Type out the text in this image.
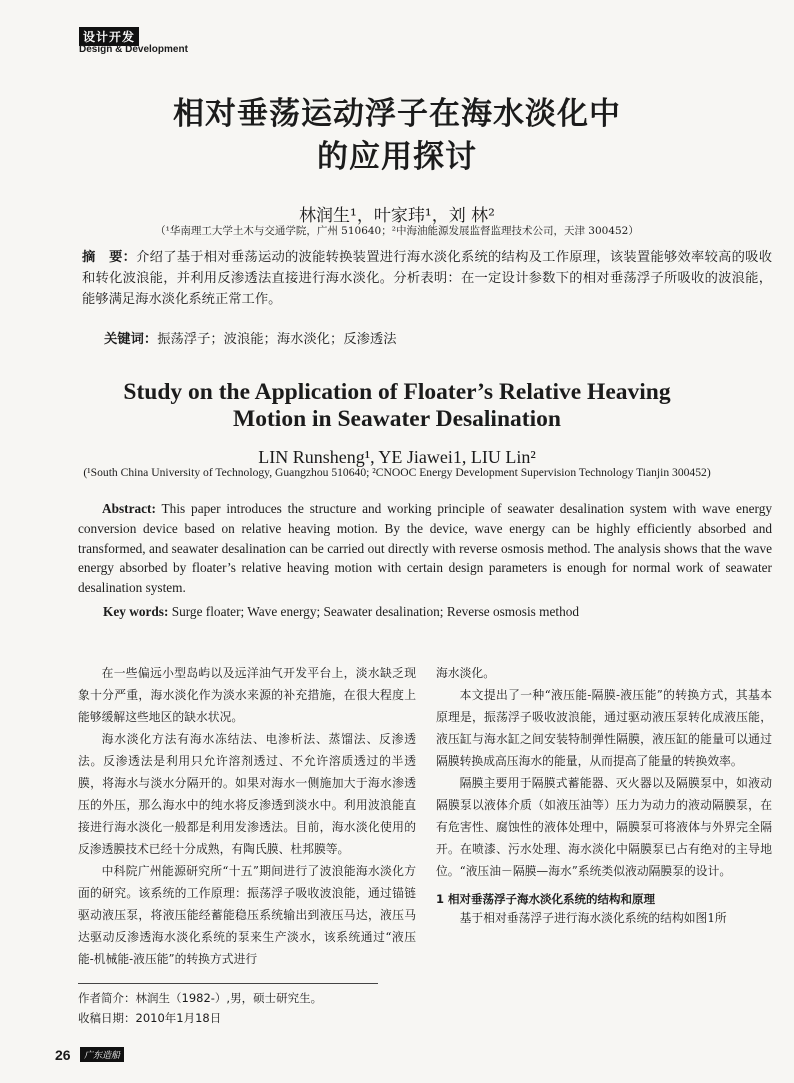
设计开发
Design & Development
相对垂荡运动浮子在海水淡化中
的应用探讨
林润生¹，叶家玮¹，刘 林²
（¹华南理工大学土木与交通学院，广州 510640；²中海油能源发展监督监理技术公司，天津 300452）
摘　要：介绍了基于相对垂荡运动的波能转换装置进行海水淡化系统的结构及工作原理，该装置能够效率较高的吸收和转化波浪能，并利用反渗透法直接进行海水淡化。分析表明：在一定设计参数下的相对垂荡浮子所吸收的波浪能，能够满足海水淡化系统正常工作。
关键词：振荡浮子；波浪能；海水淡化；反渗透法
Study on the Application of Floater’s Relative Heaving
Motion in Seawater Desalination
LIN Runsheng¹, YE Jiawei1, LIU Lin²
(¹South China University of Technology, Guangzhou 510640; ²CNOOC Energy Development Supervision Technology Tianjin 300452)
Abstract: This paper introduces the structure and working principle of seawater desalination system with wave energy conversion device based on relative heaving motion. By the device, wave energy can be highly efficiently absorbed and transformed, and seawater desalination can be carried out directly with reverse osmosis method. The analysis shows that the wave energy absorbed by floater’s relative heaving motion with certain design parameters is enough for normal work of seawater desalination system.
Key words: Surge floater; Wave energy; Seawater desalination; Reverse osmosis method

在一些偏远小型岛屿以及远洋油气开发平台上，淡水缺乏现象十分严重，海水淡化作为淡水来源的补充措施，在很大程度上能够缓解这些地区的缺水状况。

海水淡化方法有海水冻结法、电渗析法、蒸馏法、反渗透法。反渗透法是利用只允许溶剂透过、不允许溶质透过的半透膜，将海水与淡水分隔开的。如果对海水一侧施加大于海水渗透压的外压，那么海水中的纯水将反渗透到淡水中。利用波浪能直接进行海水淡化一般都是利用发渗透法。目前，海水淡化使用的反渗透膜技术已经十分成熟，有陶氏膜、杜邦膜等。

中科院广州能源研究所“十五”期间进行了波浪能海水淡化方面的研究。该系统的工作原理：振荡浮子吸收波浪能，通过锚链驱动液压泵，将液压能经蓄能稳压系统输出到液压马达，液压马达驱动反渗透海水淡化系统的泵来生产淡水，该系统通过“液压能-机械能-液压能”的转换方式进行

海水淡化。

本文提出了一种“液压能-隔膜-液压能”的转换方式，其基本原理是，振荡浮子吸收波浪能，通过驱动液压泵转化成液压能，液压缸与海水缸之间安装特制弹性隔膜，液压缸的能量可以通过隔膜转换成高压海水的能量，从而提高了能量的转换效率。

隔膜主要用于隔膜式蓄能器、灭火器以及隔膜泵中，如液动隔膜泵以液体介质（如液压油等）压力为动力的液动隔膜泵，在有危害性、腐蚀性的液体处理中，隔膜泵可将液体与外界完全隔开。在喷漆、污水处理、海水淡化中隔膜泵已占有绝对的主导地位。“液压油－隔膜—海水”系统类似液动隔膜泵的设计。

1 相对垂荡浮子海水淡化系统的结构和原理

基于相对垂荡浮子进行海水淡化系统的结构如图1所

作者简介：林润生（1982-）,男，硕士研究生。
收稿日期：2010年1月18日
26	广东造船
